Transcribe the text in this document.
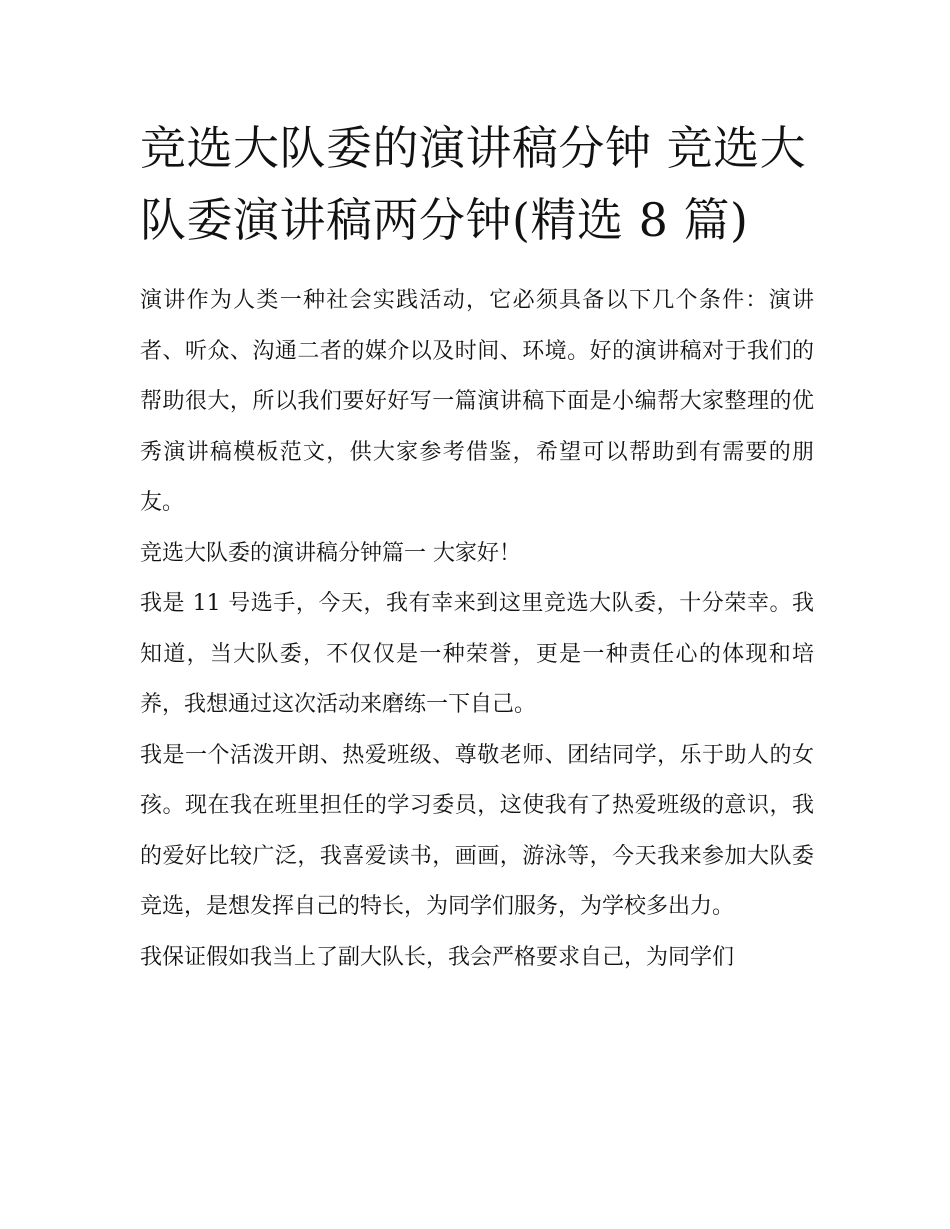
竞选大队委的演讲稿分钟 竞选大队委演讲稿两分钟(精选 8 篇)

演讲作为人类一种社会实践活动，它必须具备以下几个条件：演讲者、听众、沟通二者的媒介以及时间、环境。好的演讲稿对于我们的帮助很大，所以我们要好好写一篇演讲稿下面是小编帮大家整理的优秀演讲稿模板范文，供大家参考借鉴，希望可以帮助到有需要的朋友。

竞选大队委的演讲稿分钟篇一 大家好！

我是 11 号选手，今天，我有幸来到这里竞选大队委，十分荣幸。我知道，当大队委，不仅仅是一种荣誉，更是一种责任心的体现和培养，我想通过这次活动来磨练一下自己。

我是一个活泼开朗、热爱班级、尊敬老师、团结同学，乐于助人的女孩。现在我在班里担任的学习委员，这使我有了热爱班级的意识，我的爱好比较广泛，我喜爱读书，画画，游泳等，今天我来参加大队委竞选，是想发挥自己的特长，为同学们服务，为学校多出力。

我保证假如我当上了副大队长，我会严格要求自己，为同学们
